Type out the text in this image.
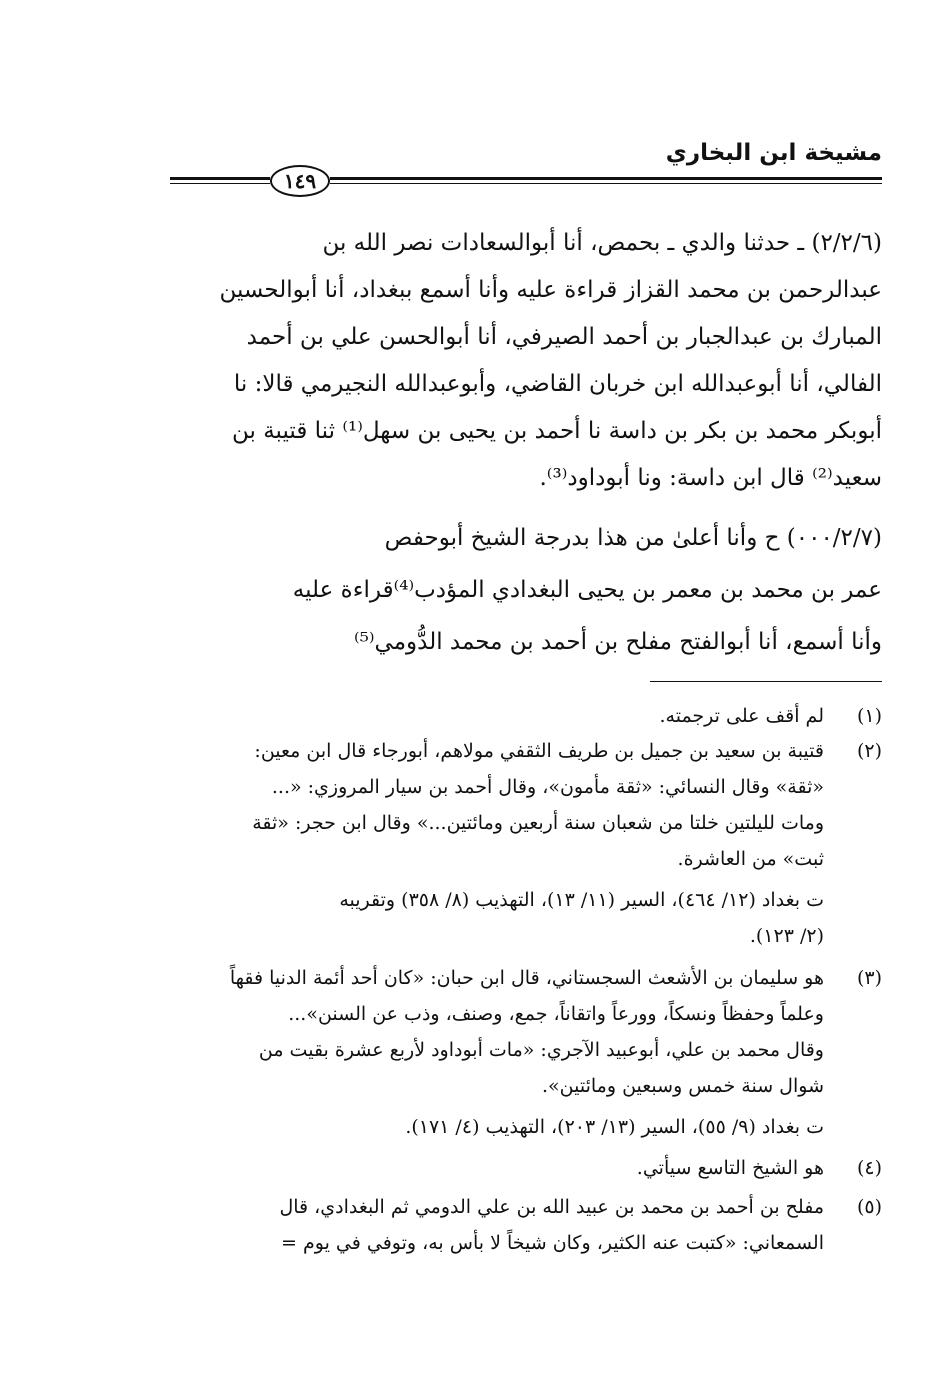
مشيخة ابن البخاري
١٤٩
(٢/٢/٦) ـ حدثنا والدي ـ بحمص، أنا أبوالسعادات نصر الله بن
عبدالرحمن بن محمد القزاز قراءة عليه وأنا أسمع ببغداد، أنا أبوالحسين
المبارك بن عبدالجبار بن أحمد الصيرفي، أنا أبوالحسن علي بن أحمد
الفالي، أنا أبوعبدالله ابن خربان القاضي، وأبوعبدالله النجيرمي قالا: نا
أبوبكر محمد بن بكر بن داسة نا أحمد بن يحيى بن سهل⁽¹⁾ ثنا قتيبة بن
سعيد⁽²⁾ قال ابن داسة: ونا أبوداود⁽³⁾.
(٠٠٠/٢/٧) ح وأنا أعلىٰ من هذا بدرجة الشيخ أبوحفص
عمر بن محمد بن معمر بن يحيى البغدادي المؤدب⁽⁴⁾قراءة عليه
وأنا أسمع، أنا أبوالفتح مفلح بن أحمد بن محمد الدُّومي⁽⁵⁾
(١)
(٢)
(٣)
(٤)
(٥)
لم أقف على ترجمته.
قتيبة بن سعيد بن جميل بن طريف الثقفي مولاهم، أبورجاء قال ابن معين:
«ثقة» وقال النسائي: «ثقة مأمون»، وقال أحمد بن سيار المروزي: «...
ومات لليلتين خلتا من شعبان سنة أربعين ومائتين...» وقال ابن حجر: «ثقة
ثبت» من العاشرة.
ت بغداد (١٢/ ٤٦٤)، السير (١١/ ١٣)، التهذيب (٨/ ٣٥٨) وتقريبه
(٢/ ١٢٣).
هو سليمان بن الأشعث السجستاني، قال ابن حبان: «كان أحد أئمة الدنيا فقهاً
وعلماً وحفظاً ونسكاً، وورعاً واتقاناً، جمع، وصنف، وذب عن السنن»...
وقال محمد بن علي، أبوعبيد الآجري: «مات أبوداود لأربع عشرة بقيت من
شوال سنة خمس وسبعين ومائتين».
ت بغداد (٩/ ٥٥)، السير (١٣/ ٢٠٣)، التهذيب (٤/ ١٧١).
هو الشيخ التاسع سيأتي.
مفلح بن أحمد بن محمد بن عبيد الله بن علي الدومي ثم البغدادي، قال
السمعاني: «كتبت عنه الكثير، وكان شيخاً لا بأس به، وتوفي في يوم =
